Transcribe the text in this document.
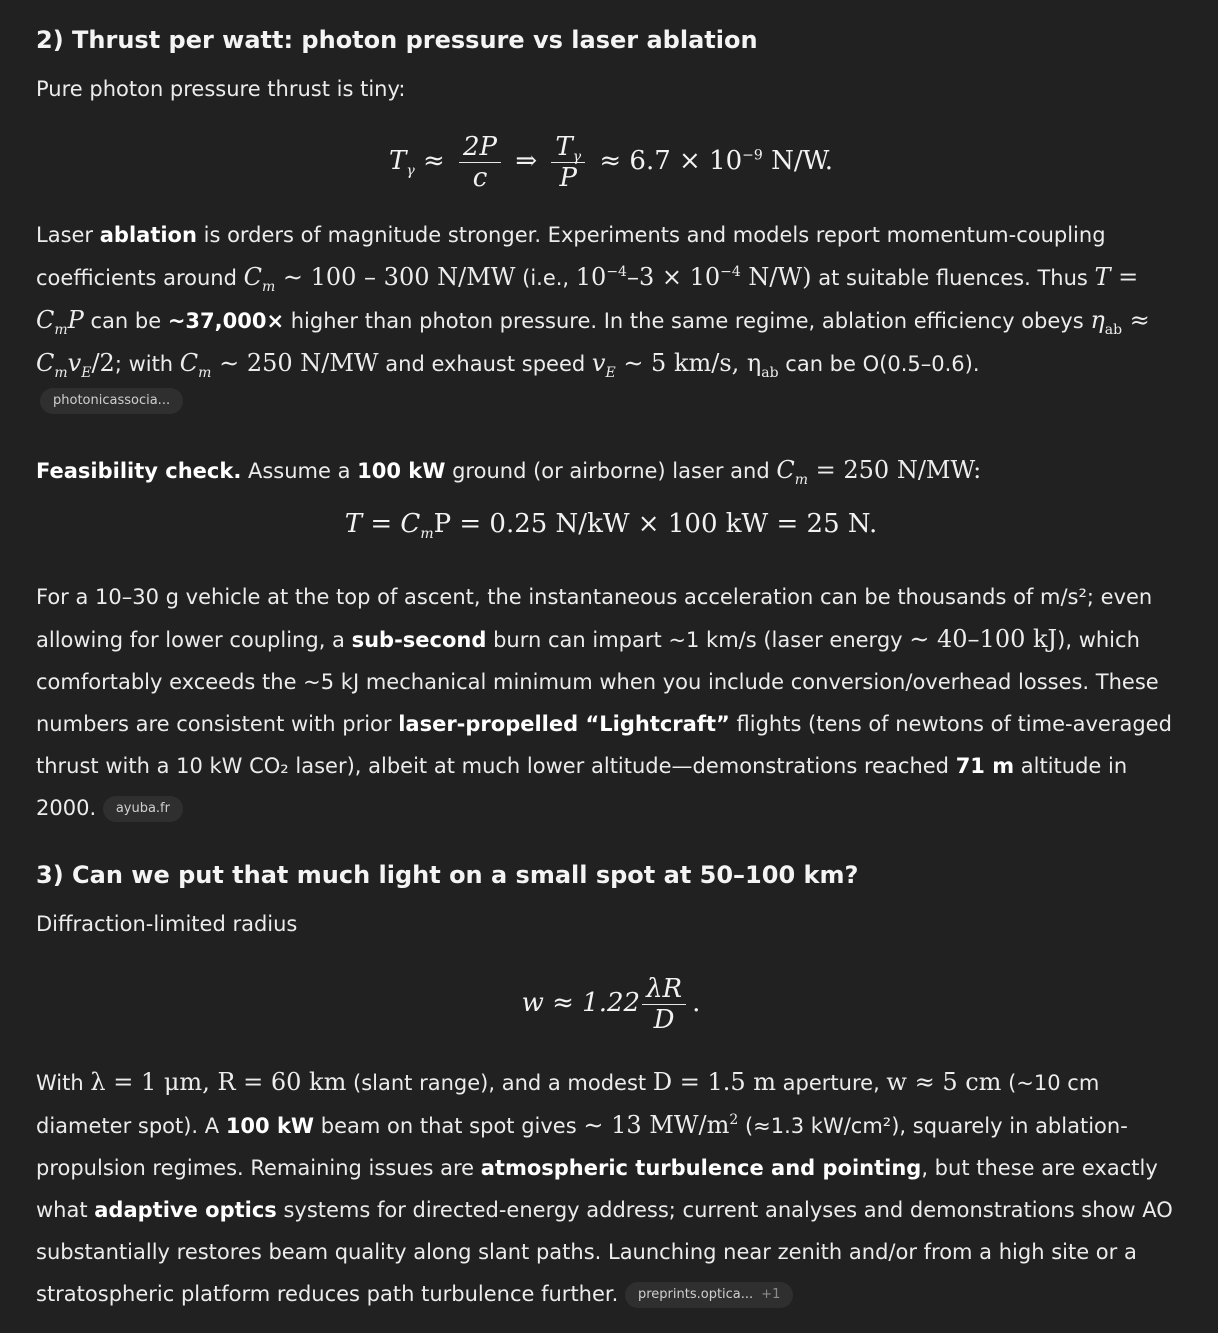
2) Thrust per watt: photon pressure vs laser ablation

Pure photon pressure thrust is tiny:

$T_\gamma \approx \frac{2P}{c}$ ⇒ $\frac{T_\gamma}{P} \approx 6.7 \times 10^{-9}$ N/W.

Laser ablation is orders of magnitude stronger. Experiments and models report momentum-coupling coefficients around $C_m$ ∼ 100 – 300 N/MW (i.e., $10^{-4}-3 \times 10^{-4}$ N/W) at suitable fluences. Thus $T = C_mP$ can be ~37,000× higher than photon pressure. In the same regime, ablation efficiency obeys $\eta_{ab} \approx C_mv_E/2$; with $C_m$ ∼ 250 N/MW and exhaust speed $v_E$ ∼ 5 km/s, $\eta_{ab}$ can be O(0.5–0.6).

photonicassocia...

Feasibility check. Assume a 100 kW ground (or airborne) laser and $C_m = 250$ N/MW:

$T = C_mP = 0.25$ N/kW × 100 kW = 25 N.

For a 10–30 g vehicle at the top of ascent, the instantaneous acceleration can be thousands of m/s²; even allowing for lower coupling, a sub-second burn can impart ~1 km/s (laser energy ∼ 40–100 kJ), which comfortably exceeds the ~5 kJ mechanical minimum when you include conversion/overhead losses. These numbers are consistent with prior laser-propelled “Lightcraft” flights (tens of newtons of time-averaged thrust with a 10 kW CO₂ laser), albeit at much lower altitude—demonstrations reached 71 m altitude in 2000. ayuba.fr

3) Can we put that much light on a small spot at 50–100 km?

Diffraction-limited radius

$w \approx 1.22 \frac{\lambda R}{D}$ .

With λ = 1 μm, R = 60 km (slant range), and a modest D = 1.5 m aperture, w ≈ 5 cm (~10 cm diameter spot). A 100 kW beam on that spot gives ∼ 13 $MW/m^2$ (≈1.3 kW/cm²), squarely in ablation-propulsion regimes. Remaining issues are atmospheric turbulence and pointing, but these are exactly what adaptive optics systems for directed-energy address; current analyses and demonstrations show AO substantially restores beam quality along slant paths. Launching near zenith and/or from a high site or a stratospheric platform reduces path turbulence further. preprints.optica... +1
